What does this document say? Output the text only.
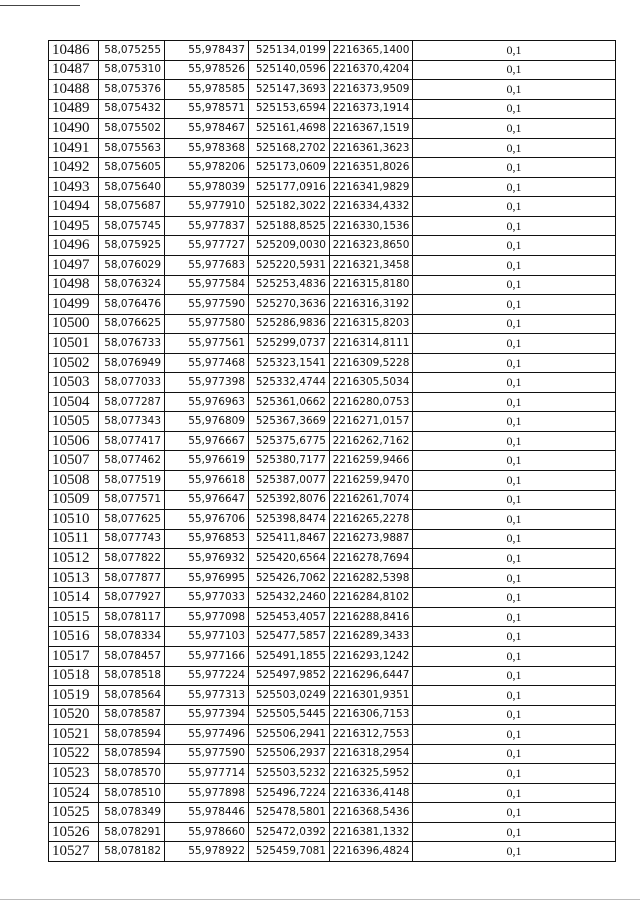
10486	58,075255	55,978437	525134,0199	2216365,1400	0,1
10487	58,075310	55,978526	525140,0596	2216370,4204	0,1
10488	58,075376	55,978585	525147,3693	2216373,9509	0,1
10489	58,075432	55,978571	525153,6594	2216373,1914	0,1
10490	58,075502	55,978467	525161,4698	2216367,1519	0,1
10491	58,075563	55,978368	525168,2702	2216361,3623	0,1
10492	58,075605	55,978206	525173,0609	2216351,8026	0,1
10493	58,075640	55,978039	525177,0916	2216341,9829	0,1
10494	58,075687	55,977910	525182,3022	2216334,4332	0,1
10495	58,075745	55,977837	525188,8525	2216330,1536	0,1
10496	58,075925	55,977727	525209,0030	2216323,8650	0,1
10497	58,076029	55,977683	525220,5931	2216321,3458	0,1
10498	58,076324	55,977584	525253,4836	2216315,8180	0,1
10499	58,076476	55,977590	525270,3636	2216316,3192	0,1
10500	58,076625	55,977580	525286,9836	2216315,8203	0,1
10501	58,076733	55,977561	525299,0737	2216314,8111	0,1
10502	58,076949	55,977468	525323,1541	2216309,5228	0,1
10503	58,077033	55,977398	525332,4744	2216305,5034	0,1
10504	58,077287	55,976963	525361,0662	2216280,0753	0,1
10505	58,077343	55,976809	525367,3669	2216271,0157	0,1
10506	58,077417	55,976667	525375,6775	2216262,7162	0,1
10507	58,077462	55,976619	525380,7177	2216259,9466	0,1
10508	58,077519	55,976618	525387,0077	2216259,9470	0,1
10509	58,077571	55,976647	525392,8076	2216261,7074	0,1
10510	58,077625	55,976706	525398,8474	2216265,2278	0,1
10511	58,077743	55,976853	525411,8467	2216273,9887	0,1
10512	58,077822	55,976932	525420,6564	2216278,7694	0,1
10513	58,077877	55,976995	525426,7062	2216282,5398	0,1
10514	58,077927	55,977033	525432,2460	2216284,8102	0,1
10515	58,078117	55,977098	525453,4057	2216288,8416	0,1
10516	58,078334	55,977103	525477,5857	2216289,3433	0,1
10517	58,078457	55,977166	525491,1855	2216293,1242	0,1
10518	58,078518	55,977224	525497,9852	2216296,6447	0,1
10519	58,078564	55,977313	525503,0249	2216301,9351	0,1
10520	58,078587	55,977394	525505,5445	2216306,7153	0,1
10521	58,078594	55,977496	525506,2941	2216312,7553	0,1
10522	58,078594	55,977590	525506,2937	2216318,2954	0,1
10523	58,078570	55,977714	525503,5232	2216325,5952	0,1
10524	58,078510	55,977898	525496,7224	2216336,4148	0,1
10525	58,078349	55,978446	525478,5801	2216368,5436	0,1
10526	58,078291	55,978660	525472,0392	2216381,1332	0,1
10527	58,078182	55,978922	525459,7081	2216396,4824	0,1
